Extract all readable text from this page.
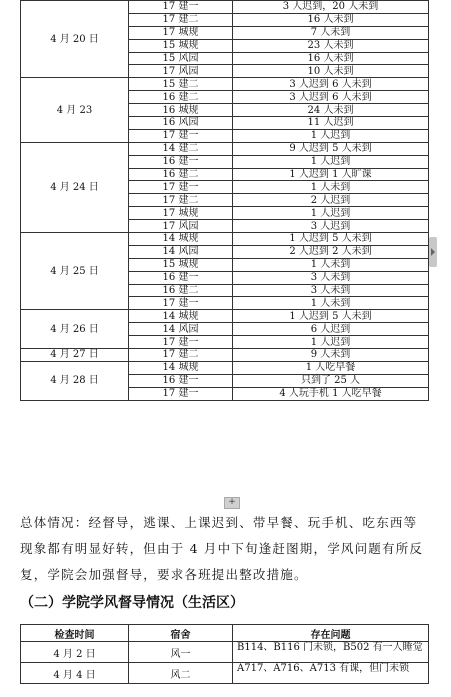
4 月 20 日	17 建一	3 人迟到，20 人未到
	17 建二	16 人未到
	17 城规	7 人未到
	15 城规	23 人未到
	15 风园	16 人未到
	17 风园	10 人未到
4 月 23	15 建二	3 人迟到 6 人未到
	16 建二	3 人迟到 6 人未到
	16 城规	24 人未到
	16 风园	11 人迟到
	17 建一	1 人迟到
4 月 24 日	14 建二	9 人迟到 5 人未到
	16 建一	1 人迟到
	16 建二	1 人迟到 1 人旷课
	17 建一	1 人未到
	17 建二	2 人迟到
	17 城规	1 人迟到
	17 风园	3 人迟到
4 月 25 日	14 城规	1 人迟到 5 人未到
	14 风园	2 人迟到 2 人未到
	15 城规	1 人未到
	16 建一	3 人未到
	16 建二	3 人未到
	17 建一	1 人未到
4 月 26 日	14 城规	1 人迟到 5 人未到
	14 风园	6 人迟到
	17 建一	1 人迟到
4 月 27 日	17 建二	9 人未到
4 月 28 日	14 城规	1 人吃早餐
	16 建一	只到了 25 人
	17 建一	4 人玩手机 1 人吃早餐
+

总体情况：经督导，逃课、上课迟到、带早餐、玩手机、吃东西等现象都有明显好转，但由于 4 月中下旬逢赶图期，学风问题有所反复，学院会加强督导，要求各班提出整改措施。

（二）学院学风督导情况（生活区）
检查时间	宿舍	存在问题
4 月 2 日	风一	B114、B116 门未锁，B502 有一人睡觉
4 月 4 日	风二	A717、A716、A713 有课，但门未锁
